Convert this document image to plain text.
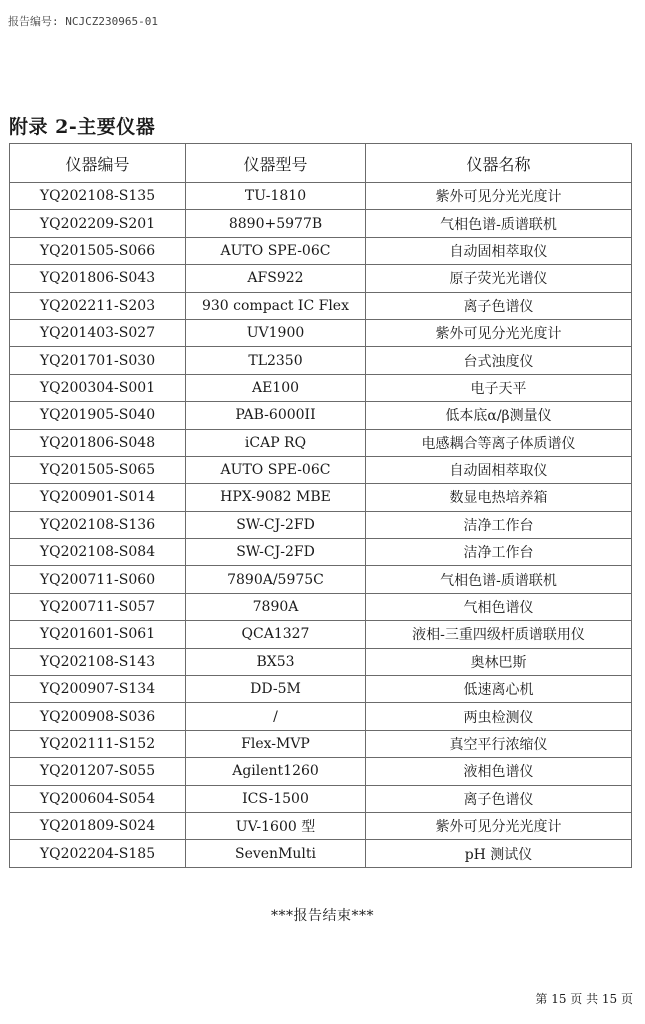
报告编号: NCJCZ230965-01
附录 2-主要仪器
仪器编号	仪器型号	仪器名称
YQ202108-S135	TU-1810	紫外可见分光光度计
YQ202209-S201	8890+5977B	气相色谱-质谱联机
YQ201505-S066	AUTO SPE-06C	自动固相萃取仪
YQ201806-S043	AFS922	原子荧光光谱仪
YQ202211-S203	930 compact IC Flex	离子色谱仪
YQ201403-S027	UV1900	紫外可见分光光度计
YQ201701-S030	TL2350	台式浊度仪
YQ200304-S001	AE100	电子天平
YQ201905-S040	PAB-6000II	低本底α/β测量仪
YQ201806-S048	iCAP RQ	电感耦合等离子体质谱仪
YQ201505-S065	AUTO SPE-06C	自动固相萃取仪
YQ200901-S014	HPX-9082 MBE	数显电热培养箱
YQ202108-S136	SW-CJ-2FD	洁净工作台
YQ202108-S084	SW-CJ-2FD	洁净工作台
YQ200711-S060	7890A/5975C	气相色谱-质谱联机
YQ200711-S057	7890A	气相色谱仪
YQ201601-S061	QCA1327	液相-三重四级杆质谱联用仪
YQ202108-S143	BX53	奥林巴斯
YQ200907-S134	DD-5M	低速离心机
YQ200908-S036	/	两虫检测仪
YQ202111-S152	Flex-MVP	真空平行浓缩仪
YQ201207-S055	Agilent1260	液相色谱仪
YQ200604-S054	ICS-1500	离子色谱仪
YQ201809-S024	UV-1600 型	紫外可见分光光度计
YQ202204-S185	SevenMulti	pH 测试仪
***报告结束***
第 15 页 共 15 页
